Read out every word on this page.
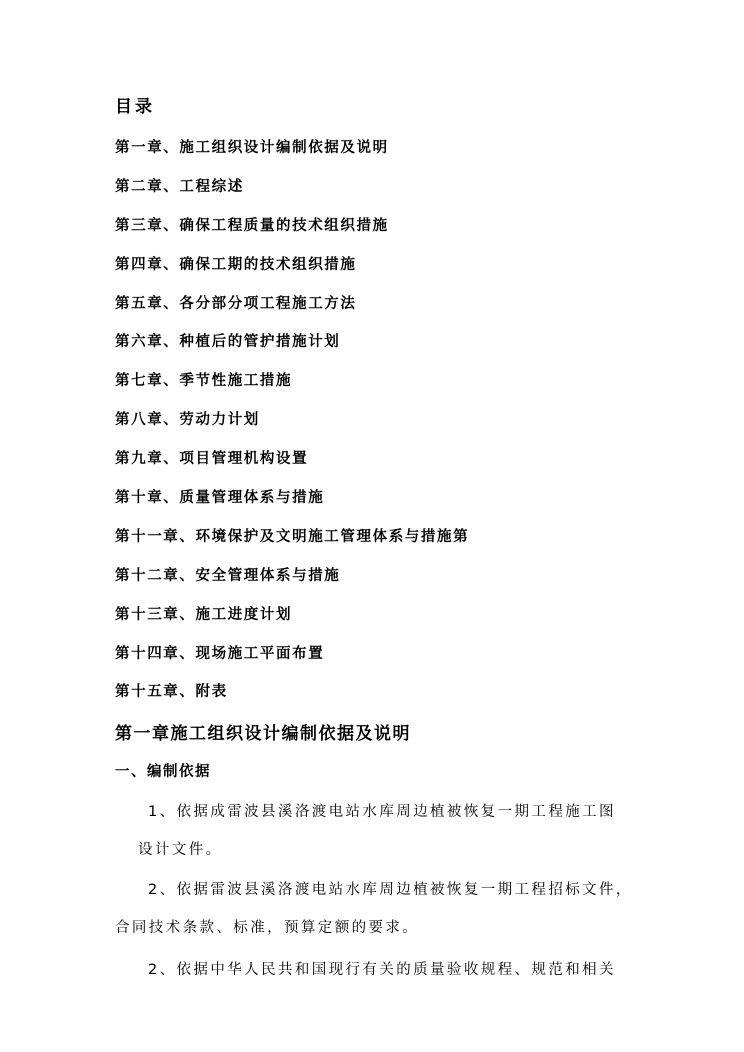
目录
第一章、施工组织设计编制依据及说明
第二章、工程综述
第三章、确保工程质量的技术组织措施
第四章、确保工期的技术组织措施
第五章、各分部分项工程施工方法
第六章、种植后的管护措施计划
第七章、季节性施工措施
第八章、劳动力计划
第九章、项目管理机构设置
第十章、质量管理体系与措施
第十一章、环境保护及文明施工管理体系与措施第
第十二章、安全管理体系与措施
第十三章、施工进度计划
第十四章、现场施工平面布置
第十五章、附表
第一章施工组织设计编制依据及说明
一、编制依据
1、依据成雷波县溪洛渡电站水库周边植被恢复一期工程施工图
设计文件。
2、依据雷波县溪洛渡电站水库周边植被恢复一期工程招标文件，
合同技术条款、标准，预算定额的要求。
2、依据中华人民共和国现行有关的质量验收规程、规范和相关
